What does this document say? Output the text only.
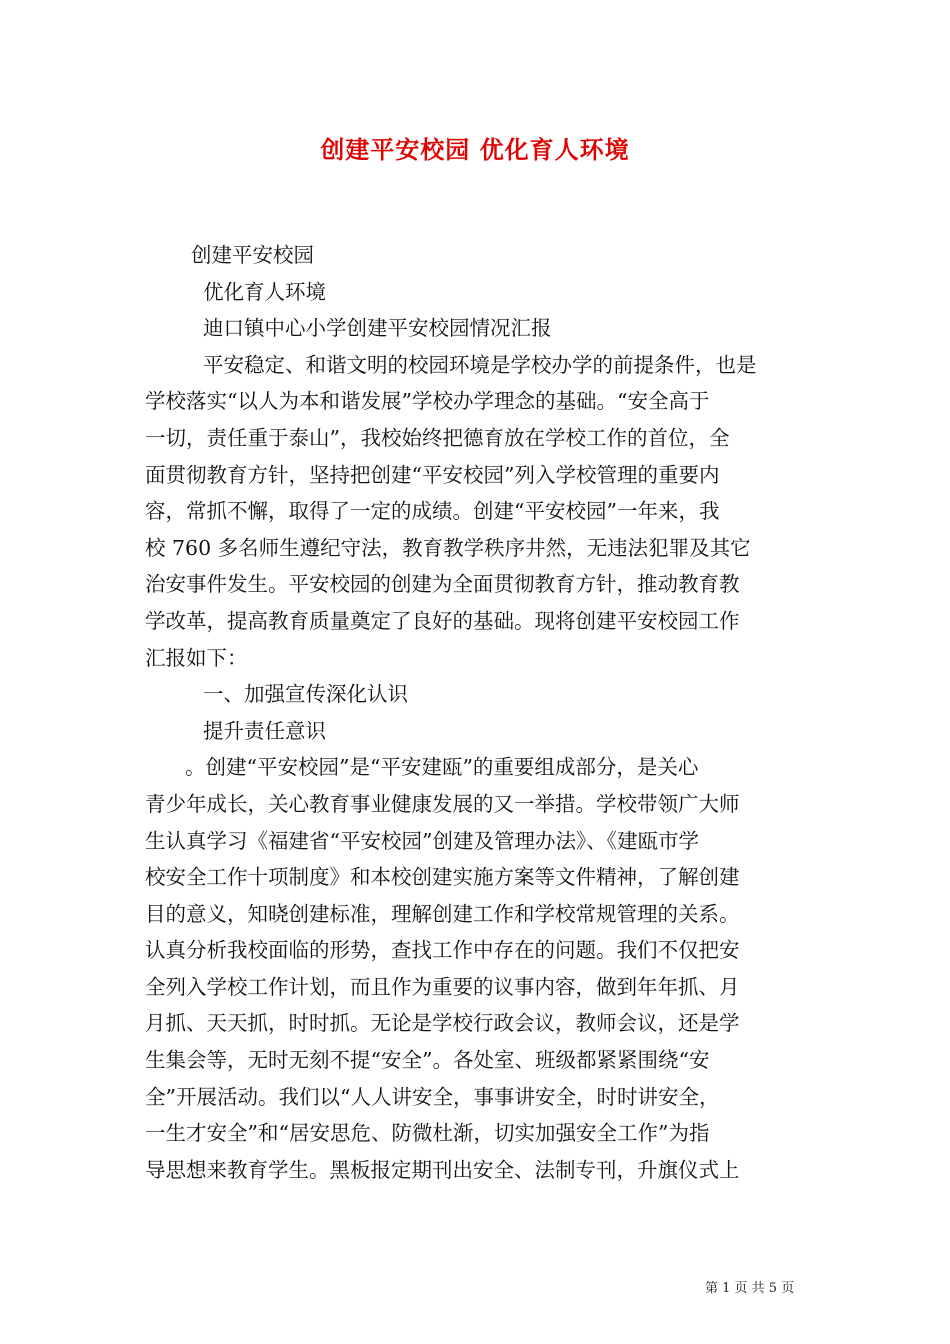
创建平安校园 优化育人环境
创建平安校园
优化育人环境
迪口镇中心小学创建平安校园情况汇报
平安稳定、和谐文明的校园环境是学校办学的前提条件，也是
学校落实“以人为本和谐发展”学校办学理念的基础。“安全高于
一切，责任重于泰山”，我校始终把德育放在学校工作的首位，全
面贯彻教育方针，坚持把创建“平安校园”列入学校管理的重要内
容，常抓不懈，取得了一定的成绩。创建“平安校园”一年来，我
校 760 多名师生遵纪守法，教育教学秩序井然，无违法犯罪及其它
治安事件发生。平安校园的创建为全面贯彻教育方针，推动教育教
学改革，提高教育质量奠定了良好的基础。现将创建平安校园工作
汇报如下：
一、加强宣传深化认识
提升责任意识
。创建“平安校园”是“平安建瓯”的重要组成部分，是关心
青少年成长，关心教育事业健康发展的又一举措。学校带领广大师
生认真学习《福建省“平安校园”创建及管理办法》、《建瓯市学
校安全工作十项制度》和本校创建实施方案等文件精神，了解创建
目的意义，知晓创建标准，理解创建工作和学校常规管理的关系。
认真分析我校面临的形势，查找工作中存在的问题。我们不仅把安
全列入学校工作计划，而且作为重要的议事内容，做到年年抓、月
月抓、天天抓，时时抓。无论是学校行政会议，教师会议，还是学
生集会等，无时无刻不提“安全”。各处室、班级都紧紧围绕“安
全”开展活动。我们以“人人讲安全，事事讲安全，时时讲安全，
一生才安全”和“居安思危、防微杜渐，切实加强安全工作”为指
导思想来教育学生。黑板报定期刊出安全、法制专刊，升旗仪式上
第 1 页 共 5 页
